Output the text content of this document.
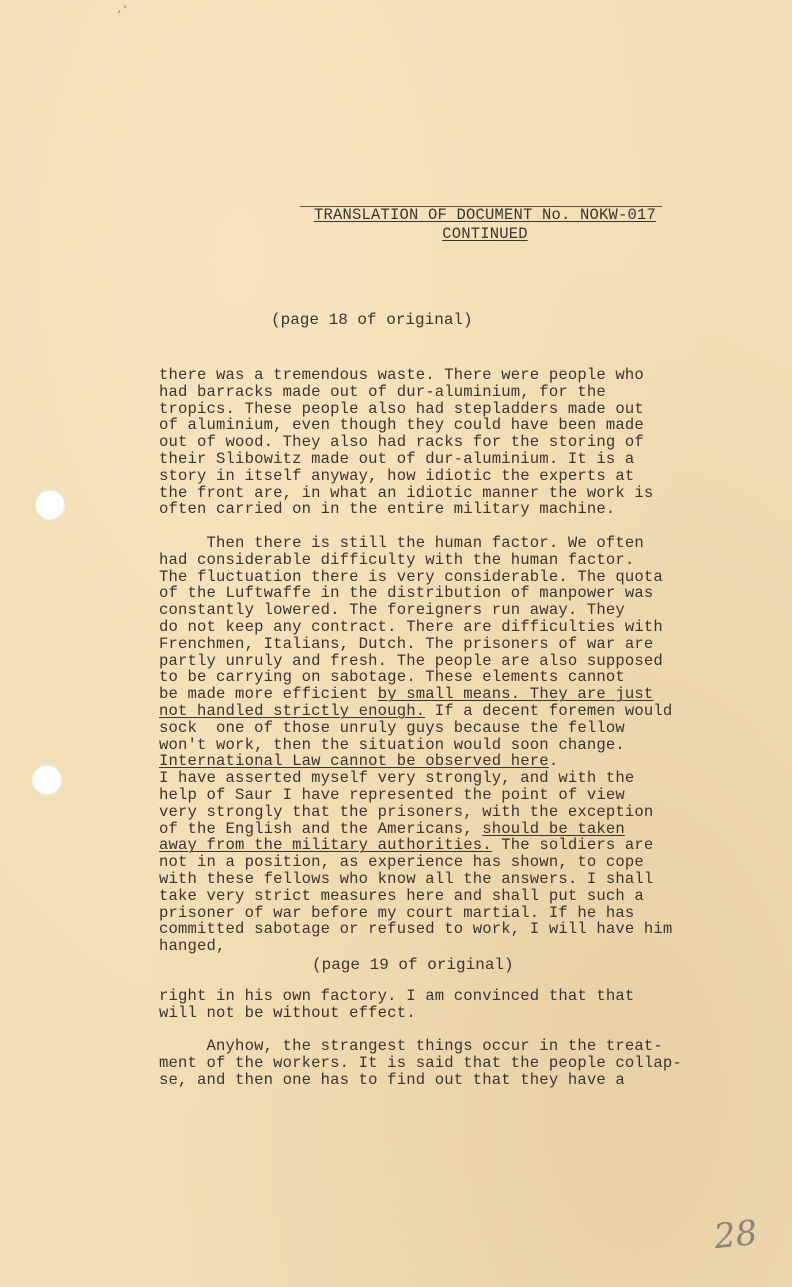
,'
TRANSLATION OF DOCUMENT No. NOKW-017
CONTINUED
(page 18 of original)
there was a tremendous waste. There were people who
had barracks made out of dur-aluminium, for the
tropics. These people also had stepladders made out
of aluminium, even though they could have been made
out of wood. They also had racks for the storing of
their Slibowitz made out of dur-aluminium. It is a
story in itself anyway, how idiotic the experts at
the front are, in what an idiotic manner the work is
often carried on in the entire military machine.
Then there is still the human factor. We often
had considerable difficulty with the human factor.
The fluctuation there is very considerable. The quota
of the Luftwaffe in the distribution of manpower was
constantly lowered. The foreigners run away. They
do not keep any contract. There are difficulties with
Frenchmen, Italians, Dutch. The prisoners of war are
partly unruly and fresh. The people are also supposed
to be carrying on sabotage. These elements cannot
be made more efficient by small means. They are just
not handled strictly enough. If a decent foremen would
sock  one of those unruly guys because the fellow
won't work, then the situation would soon change.
International Law cannot be observed here.
I have asserted myself very strongly, and with the
help of Saur I have represented the point of view
very strongly that the prisoners, with the exception
of the English and the Americans, should be taken
away from the military authorities. The soldiers are
not in a position, as experience has shown, to cope
with these fellows who know all the answers. I shall
take very strict measures here and shall put such a
prisoner of war before my court martial. If he has
committed sabotage or refused to work, I will have him
hanged,
(page 19 of original)
right in his own factory. I am convinced that that
will not be without effect.
Anyhow, the strangest things occur in the treat-
ment of the workers. It is said that the people collap-
se, and then one has to find out that they have a
28
